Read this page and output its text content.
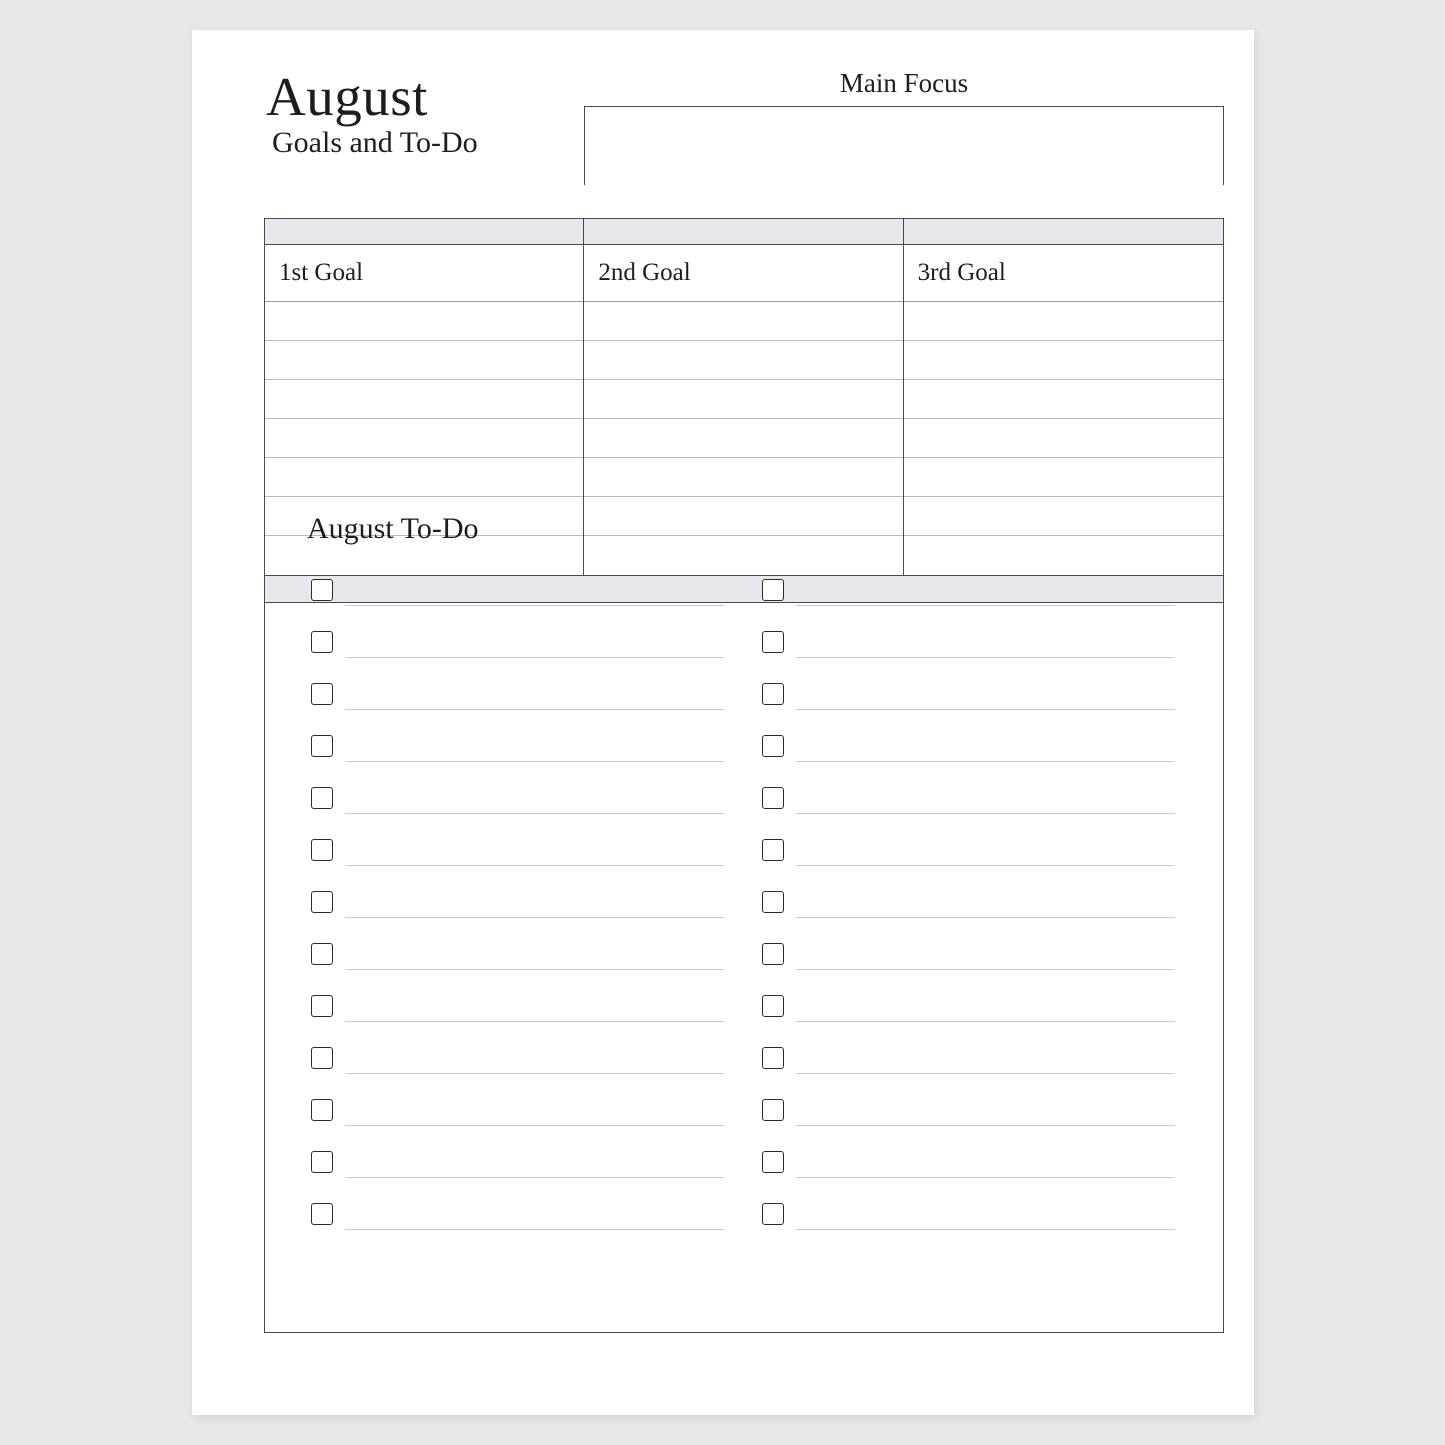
August
Goals and To-Do
Main Focus
1st Goal	2nd Goal	3rd Goal
August To-Do
